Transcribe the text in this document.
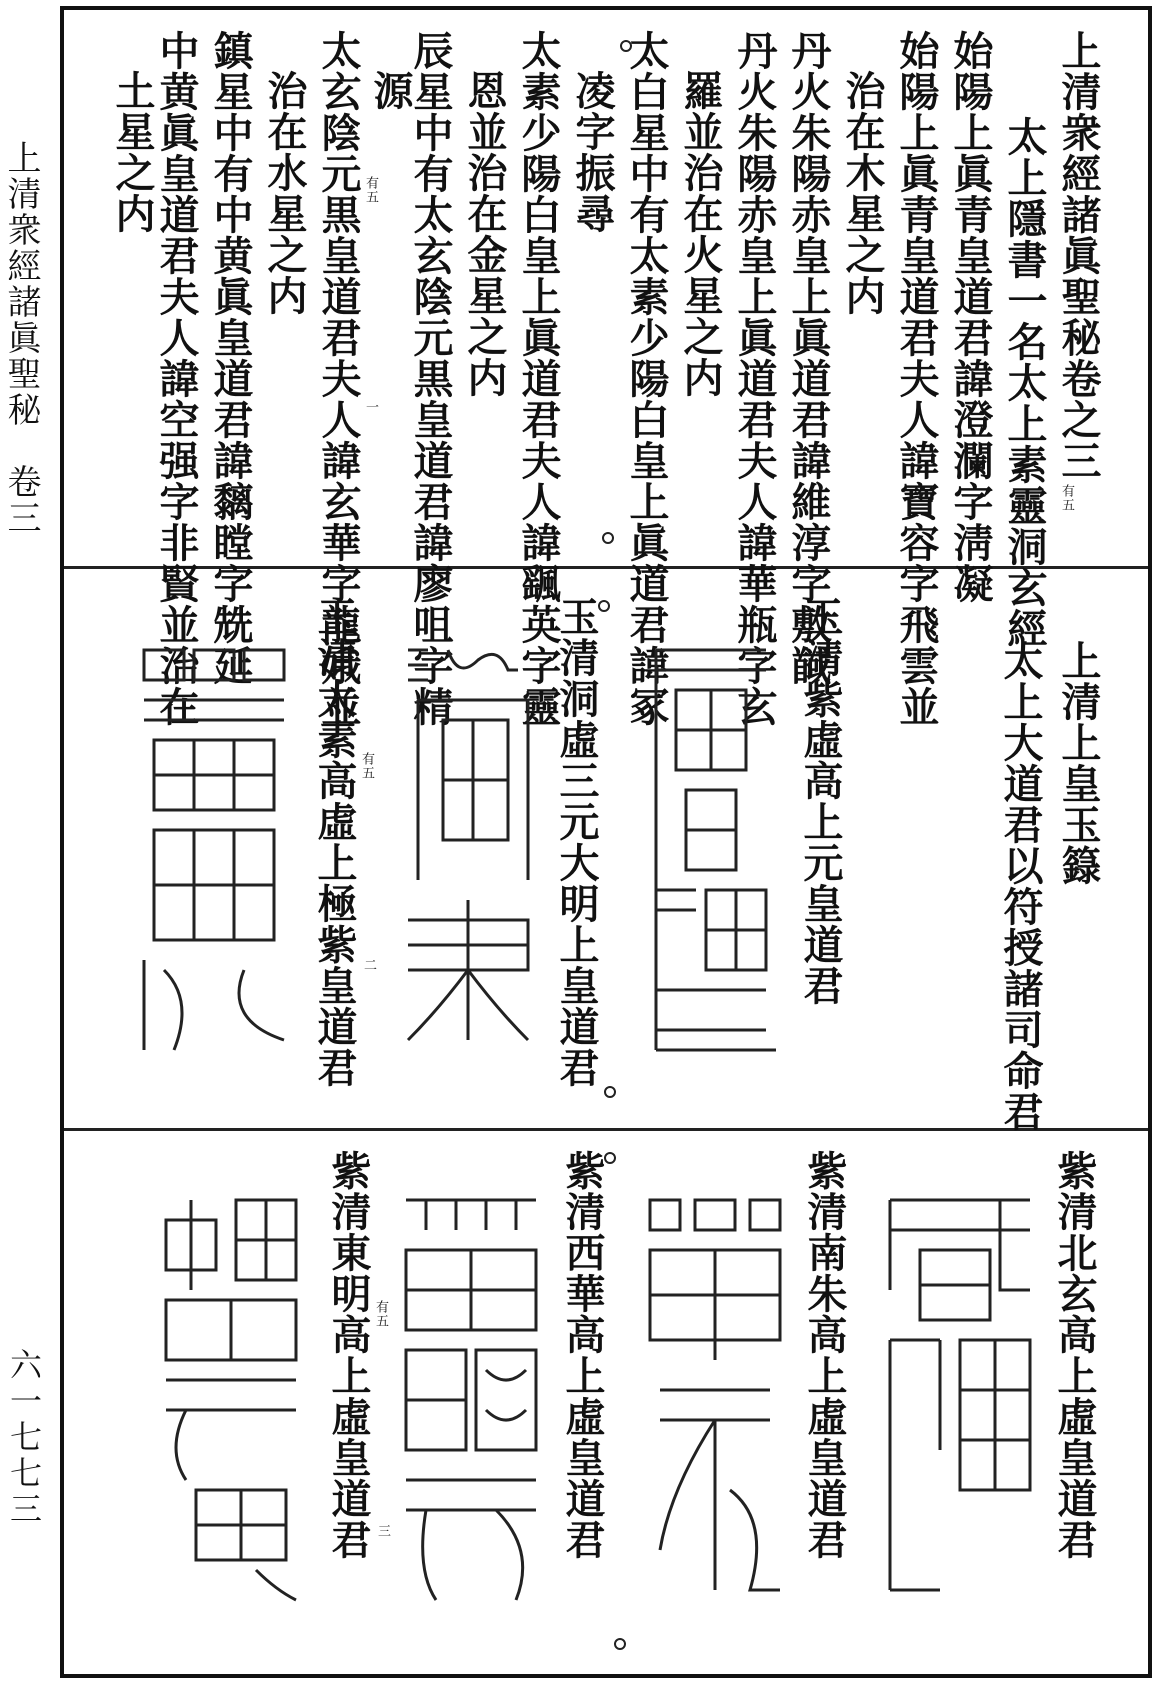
上清衆經諸眞聖秘　卷三
六一七七三
上清衆經諸眞聖秘卷之三
太上隱書一名太上素靈洞玄經
始陽上眞青皇道君諱澄瀾字淸凝
始陽上眞青皇道君夫人諱寶容字飛雲並
治在木星之内
丹火朱陽赤皇上眞道君諱維淳字敷馘
丹火朱陽赤皇上眞道君夫人諱華瓶字玄
羅並治在火星之内
太白星中有太素少陽白皇上眞道君諱冢
凌字振尋
太素少陽白皇上眞道君夫人諱颻英字靈
恩並治在金星之内
辰星中有太玄陰元黒皇道君諱廖咀字精
源
太玄陰元黒皇道君夫人諱玄華字龍娥並
治在水星之内
鎮星中有中黄眞皇道君諱黐瞠字兟延
中黄眞皇道君夫人諱空强字非賢並治在
土星之内
有五
一
有五
上清上皇玉籙
太上大道君以符授諸司命君
玉清紫虛高上元皇道君
玉清洞虛三元大明上皇道君
玉清太素高虛上極紫皇道君 有五
二
紫清北玄高上虛皇道君
紫清南朱高上虛皇道君
紫清西華高上虛皇道君
紫清東明高上虛皇道君 有五
三
